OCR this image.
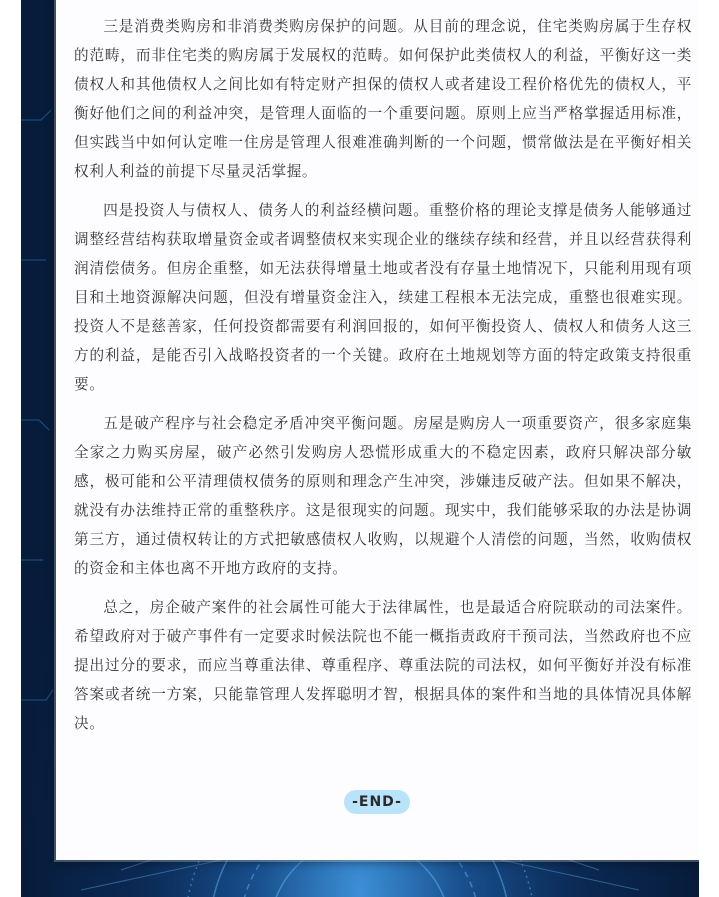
三是消费类购房和非消费类购房保护的问题。从目前的理念说，住宅类购房属于生存权的范畴，而非住宅类的购房属于发展权的范畴。如何保护此类债权人的利益，平衡好这一类债权人和其他债权人之间比如有特定财产担保的债权人或者建设工程价格优先的债权人，平衡好他们之间的利益冲突，是管理人面临的一个重要问题。原则上应当严格掌握适用标准，但实践当中如何认定唯一住房是管理人很难准确判断的一个问题，惯常做法是在平衡好相关权利人利益的前提下尽量灵活掌握。

四是投资人与债权人、债务人的利益经横问题。重整价格的理论支撑是债务人能够通过调整经营结构获取增量资金或者调整债权来实现企业的继续存续和经营，并且以经营获得利润清偿债务。但房企重整，如无法获得增量土地或者没有存量土地情况下，只能利用现有项目和土地资源解决问题，但没有增量资金注入，续建工程根本无法完成，重整也很难实现。投资人不是慈善家，任何投资都需要有利润回报的，如何平衡投资人、债权人和债务人这三方的利益，是能否引入战略投资者的一个关键。政府在土地规划等方面的特定政策支持很重要。

五是破产程序与社会稳定矛盾冲突平衡问题。房屋是购房人一项重要资产，很多家庭集全家之力购买房屋，破产必然引发购房人恐慌形成重大的不稳定因素，政府只解决部分敏感，极可能和公平清理债权债务的原则和理念产生冲突，涉嫌违反破产法。但如果不解决，就没有办法维持正常的重整秩序。这是很现实的问题。现实中，我们能够采取的办法是协调第三方，通过债权转让的方式把敏感债权人收购，以规避个人清偿的问题，当然，收购债权的资金和主体也离不开地方政府的支持。

总之，房企破产案件的社会属性可能大于法律属性，也是最适合府院联动的司法案件。希望政府对于破产事件有一定要求时候法院也不能一概指责政府干预司法，当然政府也不应提出过分的要求，而应当尊重法律、尊重程序、尊重法院的司法权，如何平衡好并没有标准答案或者统一方案，只能靠管理人发挥聪明才智，根据具体的案件和当地的具体情况具体解决。

-END-
